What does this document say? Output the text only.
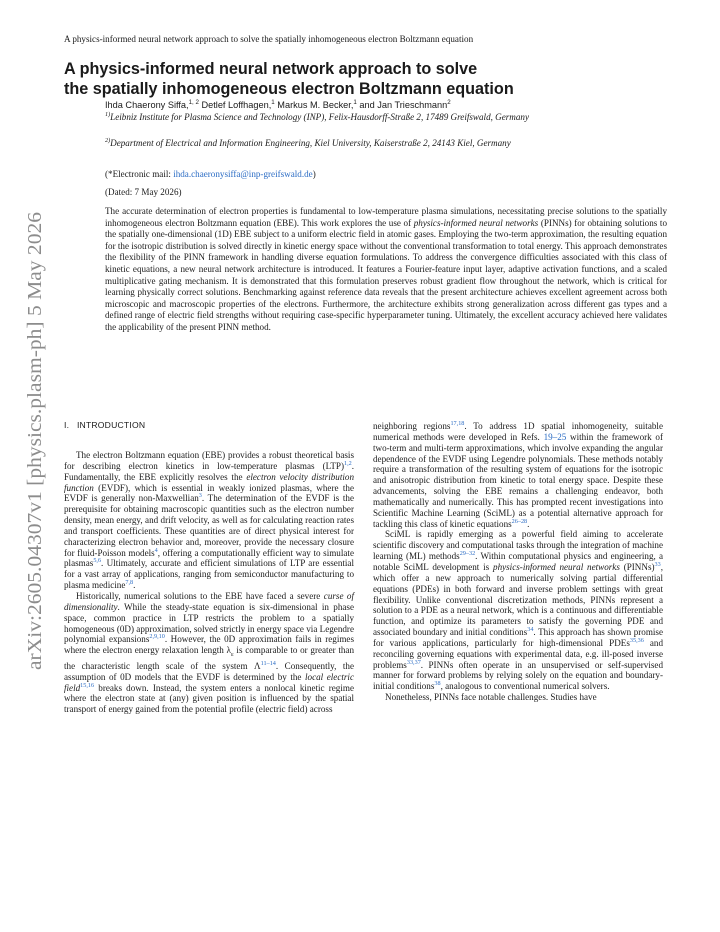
A physics-informed neural network approach to solve the spatially inhomogeneous electron Boltzmann equation
arXiv:2605.04307v1 [physics.plasm-ph] 5 May 2026
A physics-informed neural network approach to solve
the spatially inhomogeneous electron Boltzmann equation
Ihda Chaerony Siffa,$^{1, 2}$ Detlef Loffhagen,$^1$ Markus M. Becker,$^1$ and Jan Trieschmann$^2$
$^{1)}$Leibniz Institute for Plasma Science and Technology (INP), Felix-Hausdorff-Straße 2, 17489 Greifswald, Germany
$^{2)}$Department of Electrical and Information Engineering, Kiel University, Kaiserstraße 2, 24143 Kiel, Germany
(*Electronic mail: ihda.chaeronysiffa@inp-greifswald.de)
(Dated: 7 May 2026)

The accurate determination of electron properties is fundamental to low-temperature plasma simulations, necessitating precise solutions to the spatially inhomogeneous electron Boltzmann equation (EBE). This work explores the use of physics-informed neural networks (PINNs) for obtaining solutions to the spatially one-dimensional (1D) EBE subject to a uniform electric field in atomic gases. Employing the two-term approximation, the resulting equation for the isotropic distribution is solved directly in kinetic energy space without the conventional transformation to total energy. This approach demonstrates the flexibility of the PINN framework in handling diverse equation formulations. To address the convergence difficulties associated with this class of kinetic equations, a new neural network architecture is introduced. It features a Fourier-feature input layer, adaptive activation functions, and a scaled multiplicative gating mechanism. It is demonstrated that this formulation preserves robust gradient flow throughout the network, which is critical for learning physically correct solutions. Benchmarking against reference data reveals that the present architecture achieves excellent agreement across both microscopic and macroscopic properties of the electrons. Furthermore, the architecture exhibits strong generalization across different gas types and a defined range of electric field strengths without requiring case-specific hyperparameter tuning. Ultimately, the excellent accuracy achieved here validates the applicability of the present PINN method.

I. INTRODUCTION

The electron Boltzmann equation (EBE) provides a robust theoretical basis for describing electron kinetics in low-temperature plasmas (LTP)$^{1,2}$. Fundamentally, the EBE explicitly resolves the electron velocity distribution function (EVDF), which is essential in weakly ionized plasmas, where the EVDF is generally non-Maxwellian$^3$. The determination of the EVDF is the prerequisite for obtaining macroscopic quantities such as the electron number density, mean energy, and drift velocity, as well as for calculating reaction rates and transport coefficients. These quantities are of direct physical interest for characterizing electron behavior and, moreover, provide the necessary closure for fluid-Poisson models$^4$, offering a computationally efficient way to simulate plasmas$^{5,6}$. Ultimately, accurate and efficient simulations of LTP are essential for a vast array of applications, ranging from semiconductor manufacturing to plasma medicine$^{7,8}$.

Historically, numerical solutions to the EBE have faced a severe curse of dimensionality. While the steady-state equation is six-dimensional in phase space, common practice in LTP restricts the problem to a spatially homogeneous (0D) approximation, solved strictly in energy space via Legendre polynomial expansions$^{2,9,10}$. However, the 0D approximation fails in regimes where the electron energy relaxation length $\lambda_\varepsilon$ is comparable to or greater than the characteristic length scale of the system $\Lambda^{11-14}$. Consequently, the assumption of 0D models that the EVDF is determined by the local electric field$^{15,16}$ breaks down. Instead, the system enters a nonlocal kinetic regime where the electron state at (any) given position is influenced by the spatial transport of energy gained from the potential profile (electric field) across

neighboring regions$^{17,18}$. To address 1D spatial inhomogeneity, suitable numerical methods were developed in Refs. 19–25 within the framework of two-term and multi-term approximations, which involve expanding the angular dependence of the EVDF using Legendre polynomials. These methods notably require a transformation of the resulting system of equations for the isotropic and anisotropic distribution from kinetic to total energy space. Despite these advancements, solving the EBE remains a challenging endeavor, both mathematically and numerically. This has prompted recent investigations into Scientific Machine Learning (SciML) as a potential alternative approach for tackling this class of kinetic equations$^{26-28}$.

SciML is rapidly emerging as a powerful field aiming to accelerate scientific discovery and computational tasks through the integration of machine learning (ML) methods$^{29-32}$. Within computational physics and engineering, a notable SciML development is physics-informed neural networks (PINNs)$^{33}$, which offer a new approach to numerically solving partial differential equations (PDEs) in both forward and inverse problem settings with great flexibility. Unlike conventional discretization methods, PINNs represent a solution to a PDE as a neural network, which is a continuous and differentiable function, and optimize its parameters to satisfy the governing PDE and associated boundary and initial conditions$^{34}$. This approach has shown promise for various applications, particularly for high-dimensional PDEs$^{35,36}$ and reconciling governing equations with experimental data, e.g. ill-posed inverse problems$^{33,37}$. PINNs often operate in an unsupervised or self-supervised manner for forward problems by relying solely on the equation and boundary-initial conditions$^{38}$, analogous to conventional numerical solvers.

Nonetheless, PINNs face notable challenges. Studies have
